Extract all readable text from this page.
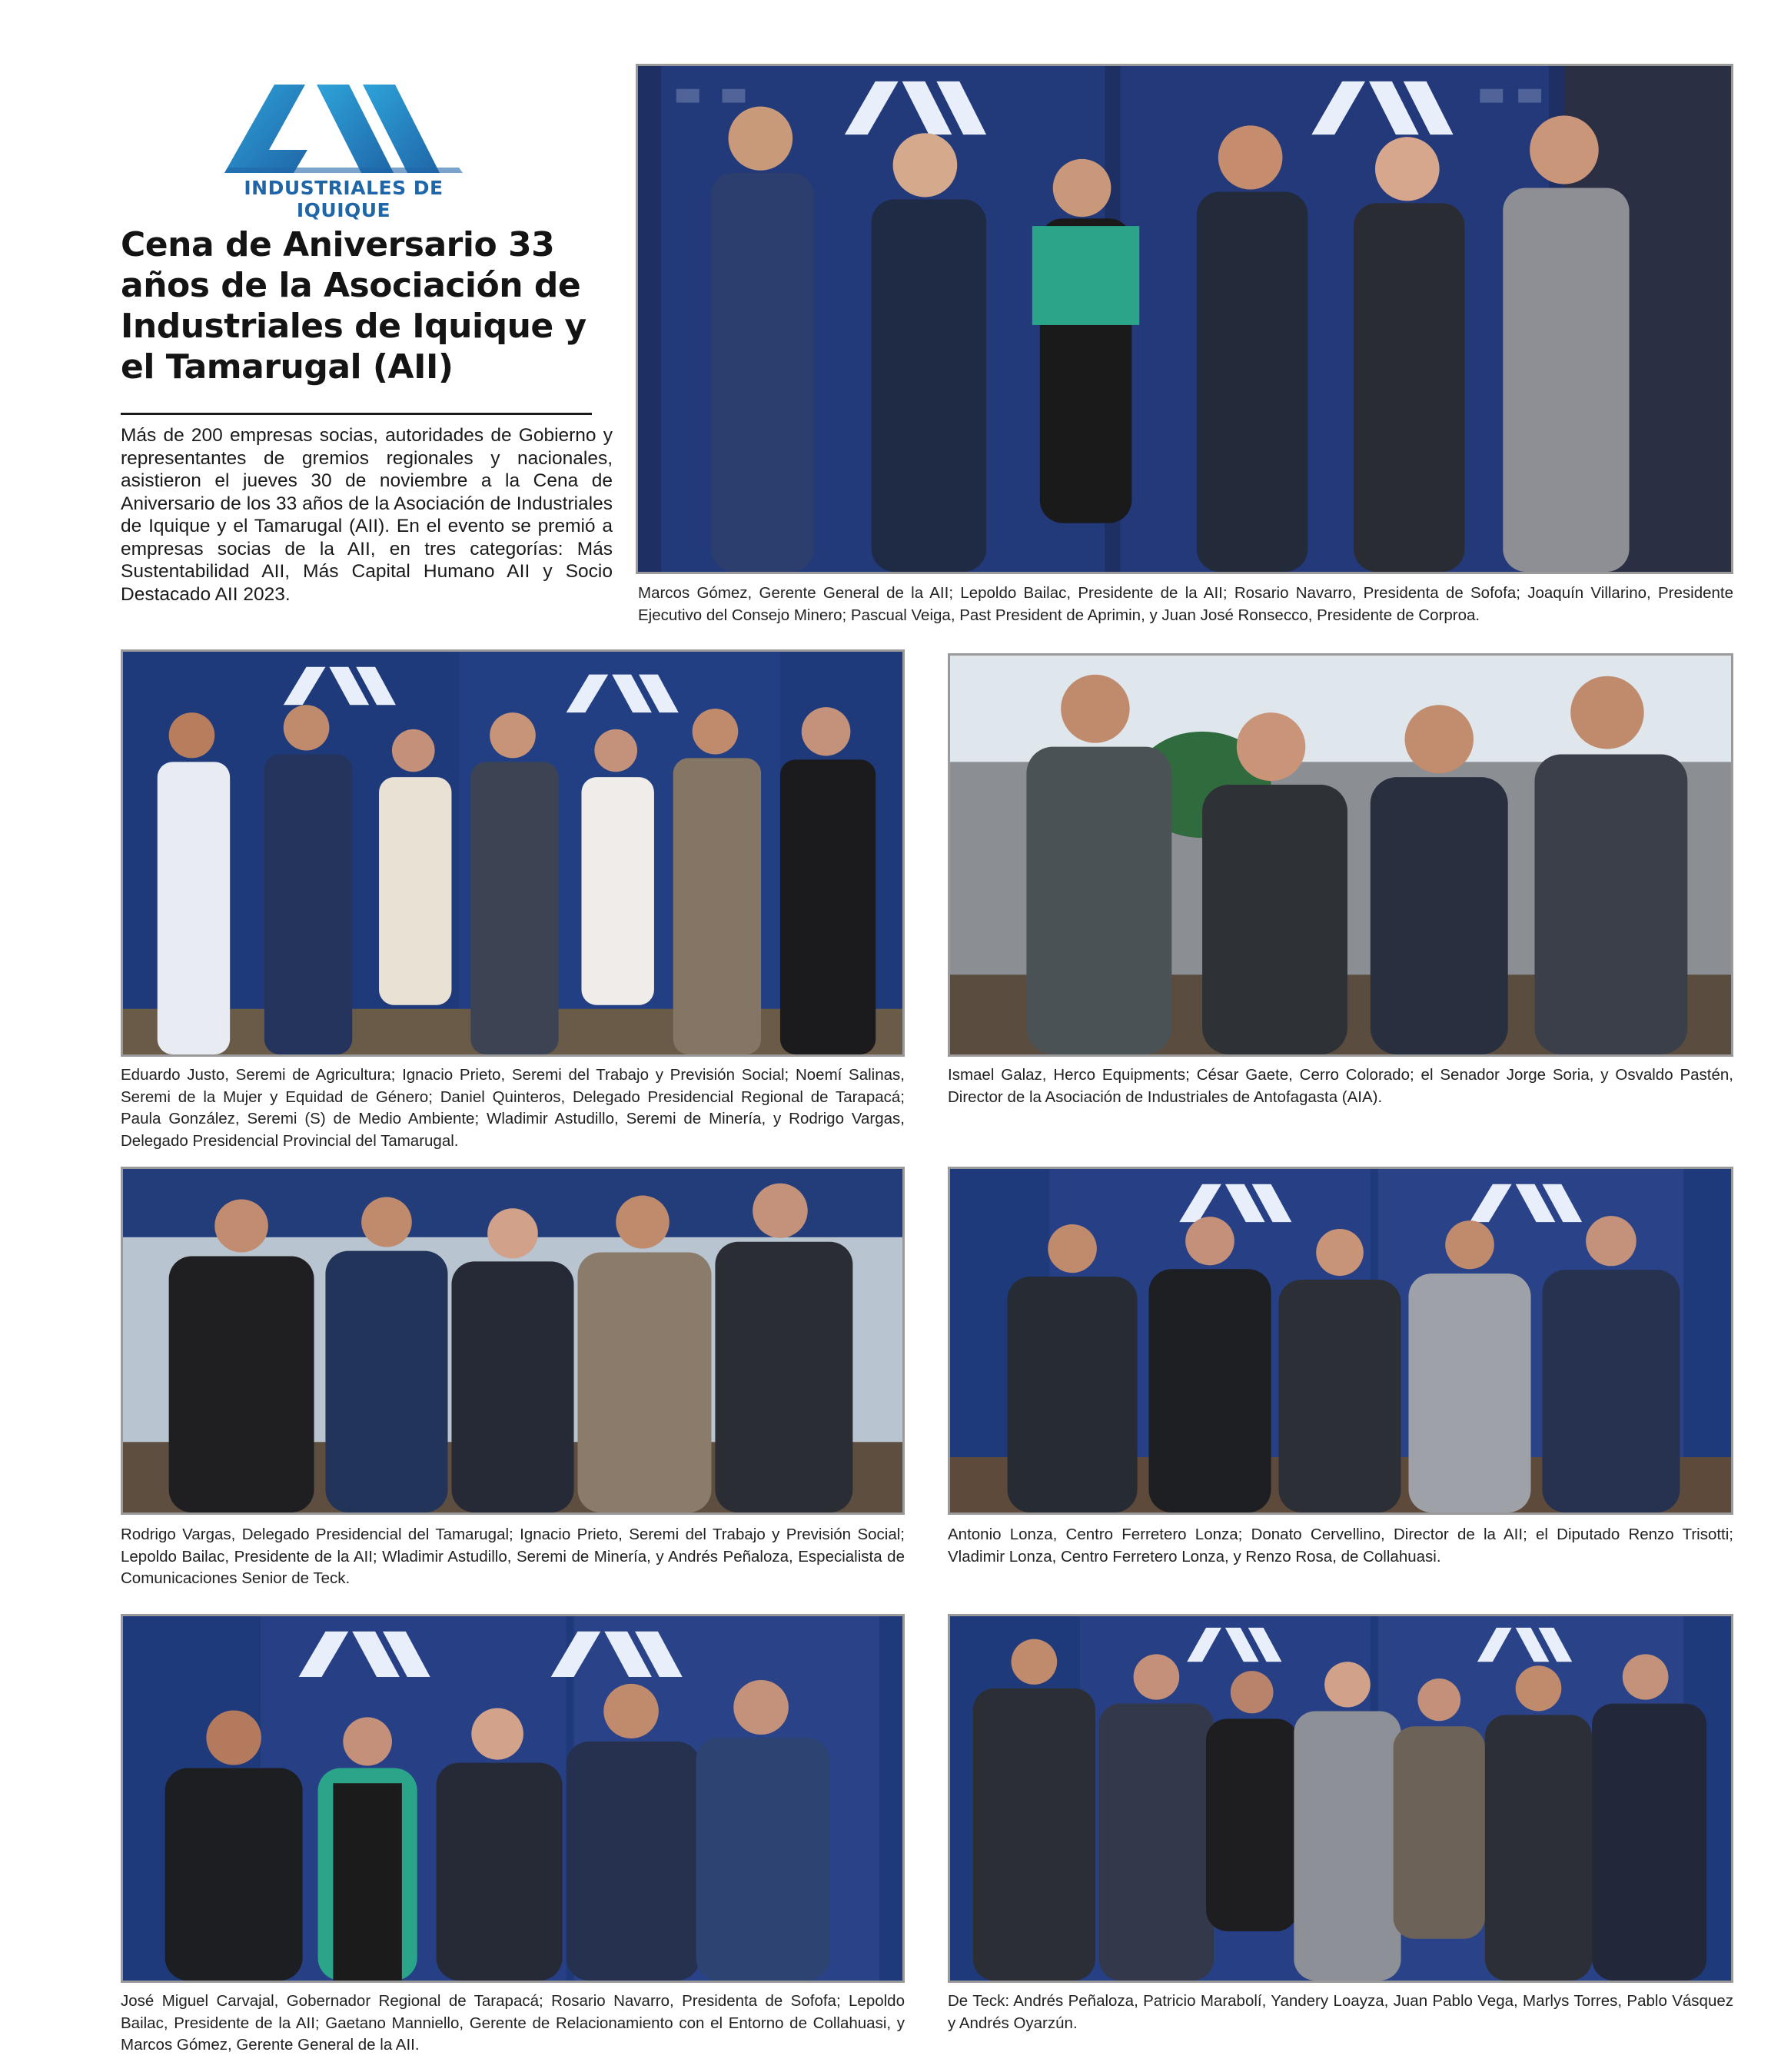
INDUSTRIALES DE IQUIQUE
Cena de Aniversario 33 años de la Asociación de Industriales de Iquique y el Tamarugal (AII)

Más de 200 empresas socias, autoridades de Gobierno y representantes de gremios regionales y nacionales, asistieron el jueves 30 de noviembre a la Cena de Aniversario de los 33 años de la Asociación de Industriales de Iquique y el Tamarugal (AII). En el evento se premió a empresas socias de la AII, en tres categorías: Más Sustentabilidad AII, Más Capital Humano AII y Socio Destacado AII 2023.	Marcos Gómez, Gerente General de la AII; Lepoldo Bailac, Presidente de la AII; Rosario Navarro, Presidenta de Sofofa; Joaquín Villarino, Presidente Ejecutivo del Consejo Minero; Pascual Veiga, Past President de Aprimin, y Juan José Ronsecco, Presidente de Corproa.

Eduardo Justo, Seremi de Agricultura; Ignacio Prieto, Seremi del Trabajo y Previsión Social; Noemí Salinas, Seremi de la Mujer y Equidad de Género; Daniel Quinteros, Delegado Presidencial Regional de Tarapacá; Paula González, Seremi (S) de Medio Ambiente; Wladimir Astudillo, Seremi de Minería, y Rodrigo Vargas, Delegado Presidencial Provincial del Tamarugal.

Ismael Galaz, Herco Equipments; César Gaete, Cerro Colorado; el Senador Jorge Soria, y Osvaldo Pastén, Director de la Asociación de Industriales de Antofagasta (AIA).

Rodrigo Vargas, Delegado Presidencial del Tamarugal; Ignacio Prieto, Seremi del Trabajo y Previsión Social; Lepoldo Bailac, Presidente de la AII; Wladimir Astudillo, Seremi de Minería, y Andrés Peñaloza, Especialista de Comunicaciones Senior de Teck.

Antonio Lonza, Centro Ferretero Lonza; Donato Cervellino, Director de la AII; el Diputado Renzo Trisotti; Vladimir Lonza, Centro Ferretero Lonza, y Renzo Rosa, de Collahuasi.

José Miguel Carvajal, Gobernador Regional de Tarapacá; Rosario Navarro, Presidenta de Sofofa; Lepoldo Bailac, Presidente de la AII; Gaetano Manniello, Gerente de Relacionamiento con el Entorno de Collahuasi, y Marcos Gómez, Gerente General de la AII.

De Teck: Andrés Peñaloza, Patricio Marabolí, Yandery Loayza, Juan Pablo Vega, Marlys Torres, Pablo Vásquez y Andrés Oyarzún.
